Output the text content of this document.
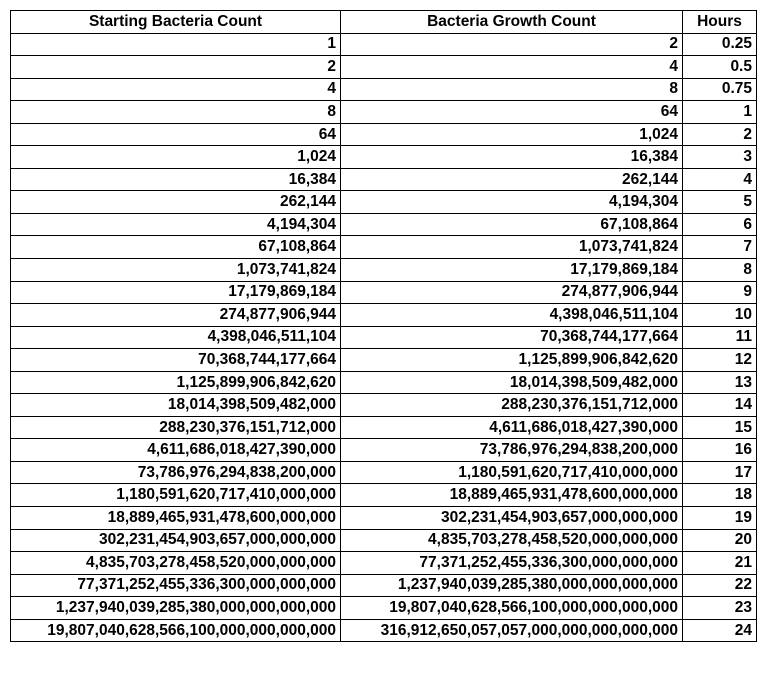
Starting Bacteria Count	Bacteria Growth Count	Hours
1	2	0.25
2	4	0.5
4	8	0.75
8	64	1
64	1,024	2
1,024	16,384	3
16,384	262,144	4
262,144	4,194,304	5
4,194,304	67,108,864	6
67,108,864	1,073,741,824	7
1,073,741,824	17,179,869,184	8
17,179,869,184	274,877,906,944	9
274,877,906,944	4,398,046,511,104	10
4,398,046,511,104	70,368,744,177,664	11
70,368,744,177,664	1,125,899,906,842,620	12
1,125,899,906,842,620	18,014,398,509,482,000	13
18,014,398,509,482,000	288,230,376,151,712,000	14
288,230,376,151,712,000	4,611,686,018,427,390,000	15
4,611,686,018,427,390,000	73,786,976,294,838,200,000	16
73,786,976,294,838,200,000	1,180,591,620,717,410,000,000	17
1,180,591,620,717,410,000,000	18,889,465,931,478,600,000,000	18
18,889,465,931,478,600,000,000	302,231,454,903,657,000,000,000	19
302,231,454,903,657,000,000,000	4,835,703,278,458,520,000,000,000	20
4,835,703,278,458,520,000,000,000	77,371,252,455,336,300,000,000,000	21
77,371,252,455,336,300,000,000,000	1,237,940,039,285,380,000,000,000,000	22
1,237,940,039,285,380,000,000,000,000	19,807,040,628,566,100,000,000,000,000	23
19,807,040,628,566,100,000,000,000,000	316,912,650,057,057,000,000,000,000,000	24
